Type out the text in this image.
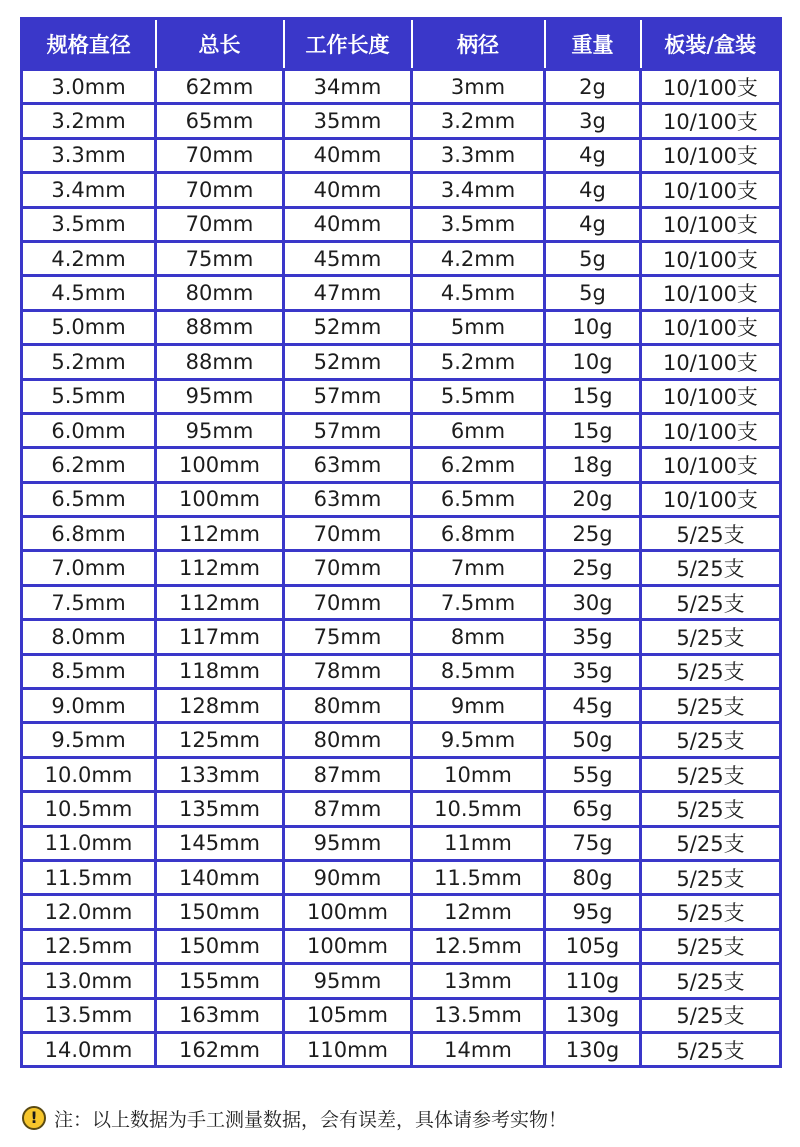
规格直径	总长	工作长度	柄径	重量	板装/盒装
3.0mm	62mm	34mm	3mm	2g	10/100支
3.2mm	65mm	35mm	3.2mm	3g	10/100支
3.3mm	70mm	40mm	3.3mm	4g	10/100支
3.4mm	70mm	40mm	3.4mm	4g	10/100支
3.5mm	70mm	40mm	3.5mm	4g	10/100支
4.2mm	75mm	45mm	4.2mm	5g	10/100支
4.5mm	80mm	47mm	4.5mm	5g	10/100支
5.0mm	88mm	52mm	5mm	10g	10/100支
5.2mm	88mm	52mm	5.2mm	10g	10/100支
5.5mm	95mm	57mm	5.5mm	15g	10/100支
6.0mm	95mm	57mm	6mm	15g	10/100支
6.2mm	100mm	63mm	6.2mm	18g	10/100支
6.5mm	100mm	63mm	6.5mm	20g	10/100支
6.8mm	112mm	70mm	6.8mm	25g	5/25支
7.0mm	112mm	70mm	7mm	25g	5/25支
7.5mm	112mm	70mm	7.5mm	30g	5/25支
8.0mm	117mm	75mm	8mm	35g	5/25支
8.5mm	118mm	78mm	8.5mm	35g	5/25支
9.0mm	128mm	80mm	9mm	45g	5/25支
9.5mm	125mm	80mm	9.5mm	50g	5/25支
10.0mm	133mm	87mm	10mm	55g	5/25支
10.5mm	135mm	87mm	10.5mm	65g	5/25支
11.0mm	145mm	95mm	11mm	75g	5/25支
11.5mm	140mm	90mm	11.5mm	80g	5/25支
12.0mm	150mm	100mm	12mm	95g	5/25支
12.5mm	150mm	100mm	12.5mm	105g	5/25支
13.0mm	155mm	95mm	13mm	110g	5/25支
13.5mm	163mm	105mm	13.5mm	130g	5/25支
14.0mm	162mm	110mm	14mm	130g	5/25支
! 注：以上数据为手工测量数据，会有误差，具体请参考实物！
